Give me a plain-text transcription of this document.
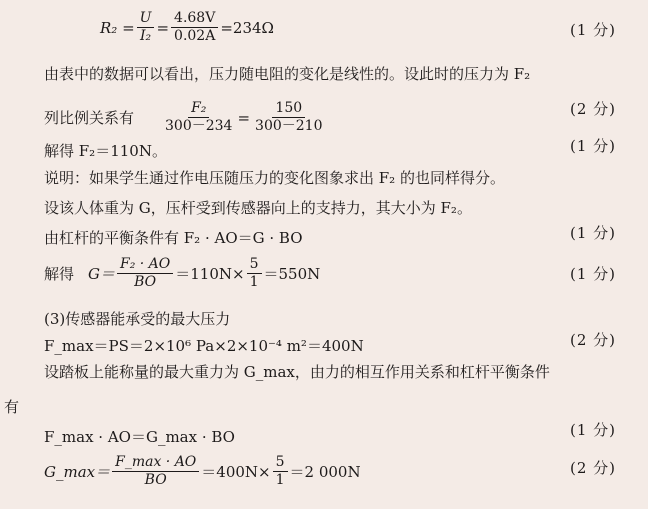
$R_2 = \frac{U}{\text{I₂}} = \frac{4.68V}{0.02A} =234\Omega$	(1 分)
由表中的数据可以看出，压力随电阻的变化是线性的。设此时的压力为 F₂
列比例关系有 $\frac{\text{F₂}}{300-234} = \frac{150}{300-210}$	(2 分)
解得 F₂＝110N。	(1 分)
说明：如果学生通过作电压随压力的变化图象求出 F₂ 的也同样得分。
设该人体重为 G，压杆受到传感器向上的支持力，其大小为 F₂。
由杠杆的平衡条件有 F₂ · AO＝G · BO	(1 分)
解得 $G= \frac{\text{F₂ · AO}}{BO} =110N\times \frac{5}{1} =550N$	(1 分)
(3)传感器能承受的最大压力
F_max＝PS＝2×10⁶ Pa×2×10⁻⁴ m²＝400N	(2 分)
设踏板上能称量的最大重力为 G_max，由力的相互作用关系和杠杆平衡条件
有
F_max · AO＝G_max · BO	(1 分)
G_max＝ $\frac{F\_\max \cdot AO}{BO} =400N\times \frac{5}{1} =2$ 000N	(2 分)
